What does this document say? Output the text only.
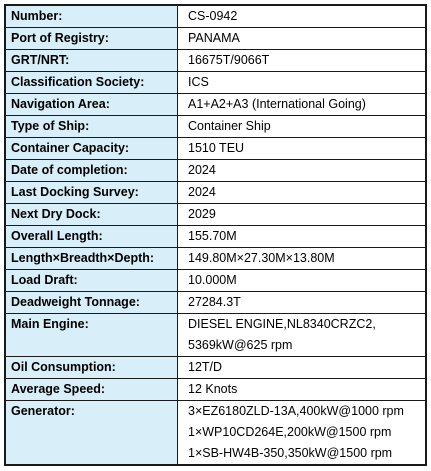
Number:	CS-0942

Port of Registry:	PANAMA

GRT/NRT:	16675T/9066T

Classification Society:	ICS

Navigation Area:	A1+A2+A3 (International Going)

Type of Ship:	Container Ship

Container Capacity:	1510 TEU

Date of completion:	2024

Last Docking Survey:	2024

Next Dry Dock:	2029

Overall Length:	155.70M

Length×Breadth×Depth:	149.80M×27.30M×13.80M

Load Draft:	10.000M

Deadweight Tonnage:	27284.3T

Main Engine:	DIESEL ENGINE,NL8340CRZC2,
5369kW@625 rpm

Oil Consumption:	12T/D

Average Speed:	12 Knots

Generator:	3×EZ6180ZLD-13A,400kW@1000 rpm
1×WP10CD264E,200kW@1500 rpm
1×SB-HW4B-350,350kW@1500 rpm
